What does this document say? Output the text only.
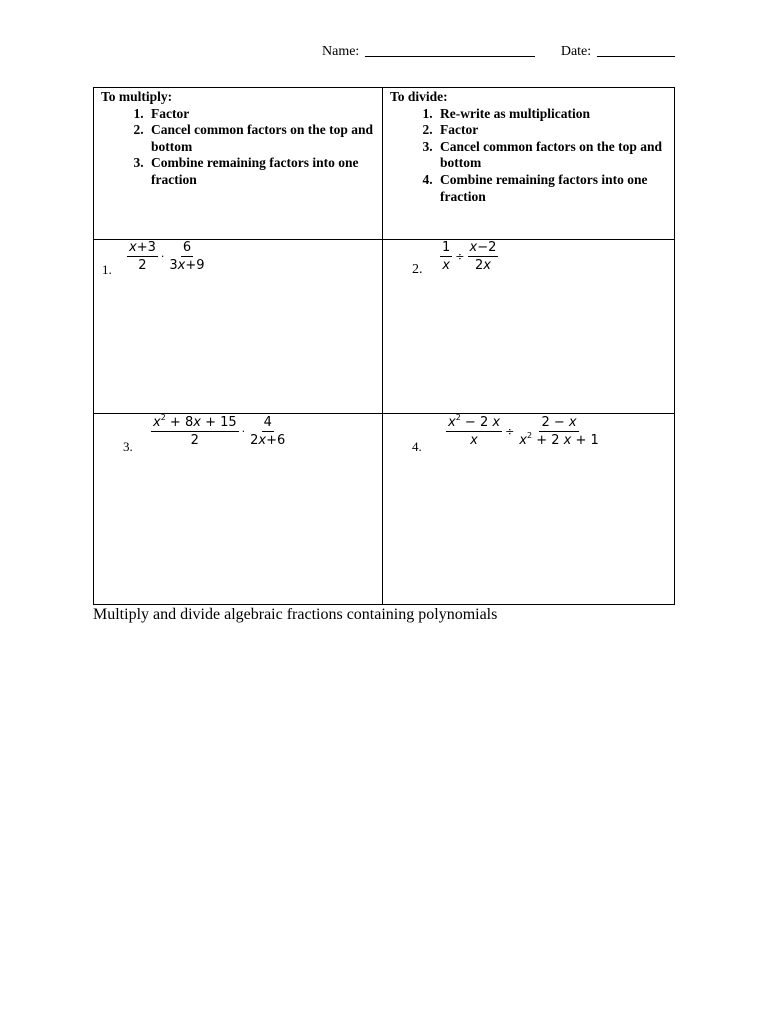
Name:	Date:
To multiply:
1. Factor
2. Cancel common factors on the top and bottom
3. Combine remaining factors into one fraction
To divide:
1. Re-write as multiplication
2. Factor
3. Cancel common factors on the top and bottom
4. Combine remaining factors into one fraction
1. $\frac{x+3}{2} \cdot \frac{6}{3x+9}$	2. $\frac{1}{x} \div \frac{x-2}{2x}$
3. $\frac{x^2 + 8x + 15}{2} \cdot \frac{4}{2x+6}$	4. $\frac{x^2 - 2 x}{x} \div \frac{2 - x}{x^2 + 2 x + 1}$
Multiply and divide algebraic fractions containing polynomials
